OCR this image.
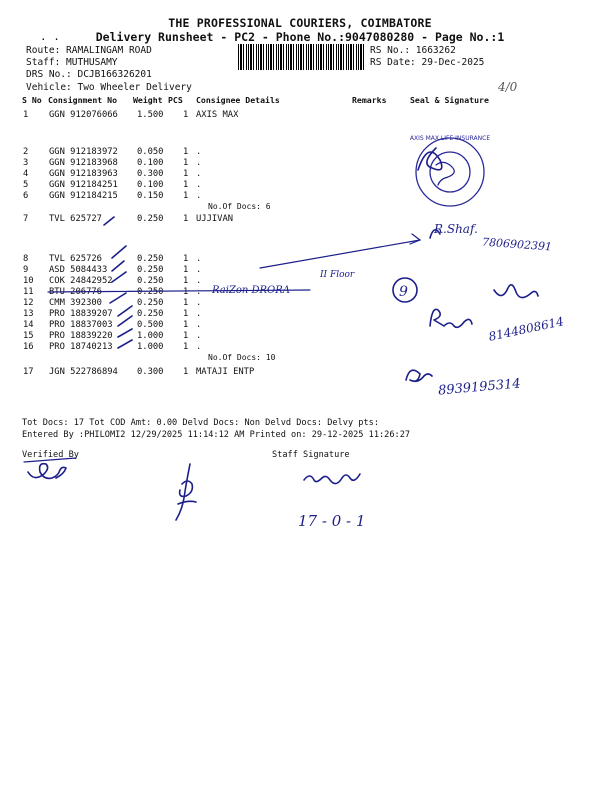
THE PROFESSIONAL COURIERS, COIMBATORE
. .	Delivery Runsheet - PC2 - Phone No.:9047080280 - Page No.:1
Route: RAMALINGAM ROAD
Staff: MUTHUSAMY
DRS No.: DCJB166326201
Vehicle: Two Wheeler Delivery
RS No.: 1663262
RS Date: 29-Dec-2025
S No Consignment No Weight PCS Consignee Details	Remarks	Seal & Signature
1 GGN 912076066 1.500 1 AXIS MAX
2 GGN 912183972 0.050 1 .
3 GGN 912183968 0.100 1 .
4 GGN 912183963 0.300 1 .
5 GGN 912184251 0.100 1 .
6 GGN 912184215 0.150 1 .
No.Of Docs: 6
7 TVL 625727	0.250 1 UJJIVAN
8 TVL 625726	0.250 1 .
9 ASD 5084433	0.250 1 .
10 COK 24842952	0.250 1 .
11 BTU 206776	0.250 1 .
12 CMM 392300	0.250 1 .
13 PRO 18839207	0.250 1 .
14 PRO 18837003	0.500 1 .
15 PRO 18839220	1.000 1 .
16 PRO 18740213	1.000 1 .
No.Of Docs: 10
17 JGN 522786894 0.300 1 MATAJI ENTP
Tot Docs: 17 Tot COD Amt: 0.00 Delvd Docs: Non Delvd Docs: Delvy pts:
Entered By :PHILOMI2 12/29/2025 11:14:12 AM Printed on: 29-12-2025 11:26:27
Verified By	Staff Signature
4/0
RaiZon DRORA
II Floor
R.Shaf.
7806902391
8144808614
8939195314
17 - 0 - 1
AXIS MAX LIFE INSURANCE
9
